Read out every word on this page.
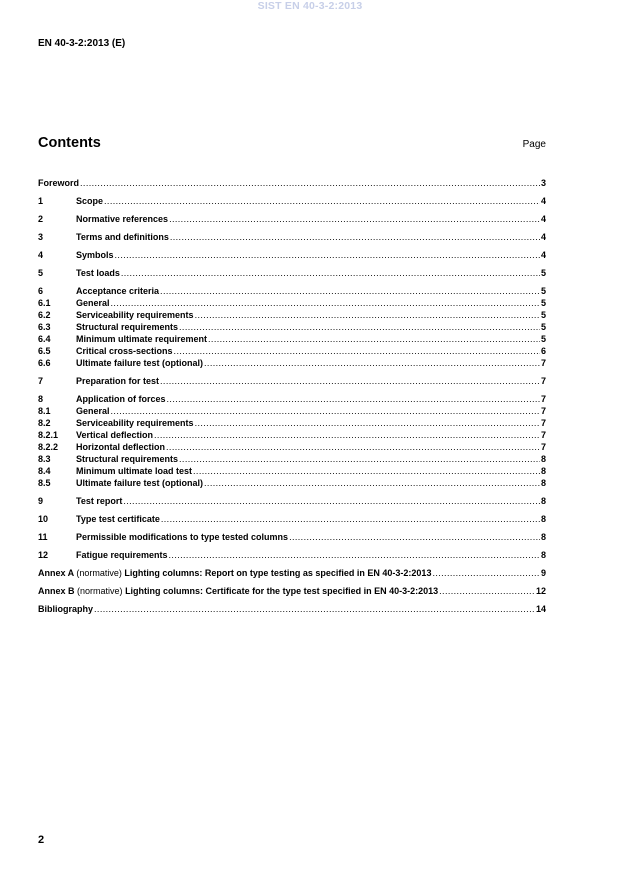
SIST EN 40-3-2:2013
EN 40-3-2:2013 (E)
Contents	Page
Foreword .....	3
1	Scope .....	4
2	Normative references .....	4
3	Terms and definitions .....	4
4	Symbols .....	4
5	Test loads .....	5
6	Acceptance criteria .....	5
6.1	General .....	5
6.2	Serviceability requirements .....	5
6.3	Structural requirements .....	5
6.4	Minimum ultimate requirement .....	5
6.5	Critical cross-sections .....	6
6.6	Ultimate failure test (optional) .....	7
7	Preparation for test .....	7
8	Application of forces .....	7
8.1	General .....	7
8.2	Serviceability requirements .....	7
8.2.1	Vertical deflection .....	7
8.2.2	Horizontal deflection .....	7
8.3	Structural requirements .....	8
8.4	Minimum ultimate load test .....	8
8.5	Ultimate failure test (optional) .....	8
9	Test report .....	8
10	Type test certificate .....	8
11	Permissible modifications to type tested columns .....	8
12	Fatigue requirements .....	8
Annex A (normative) Lighting columns: Report on type testing as specified in EN 40-3-2:2013 .....	9
Annex B (normative) Lighting columns: Certificate for the type test specified in EN 40-3-2:2013 .....	12
Bibliography .....	14
2
